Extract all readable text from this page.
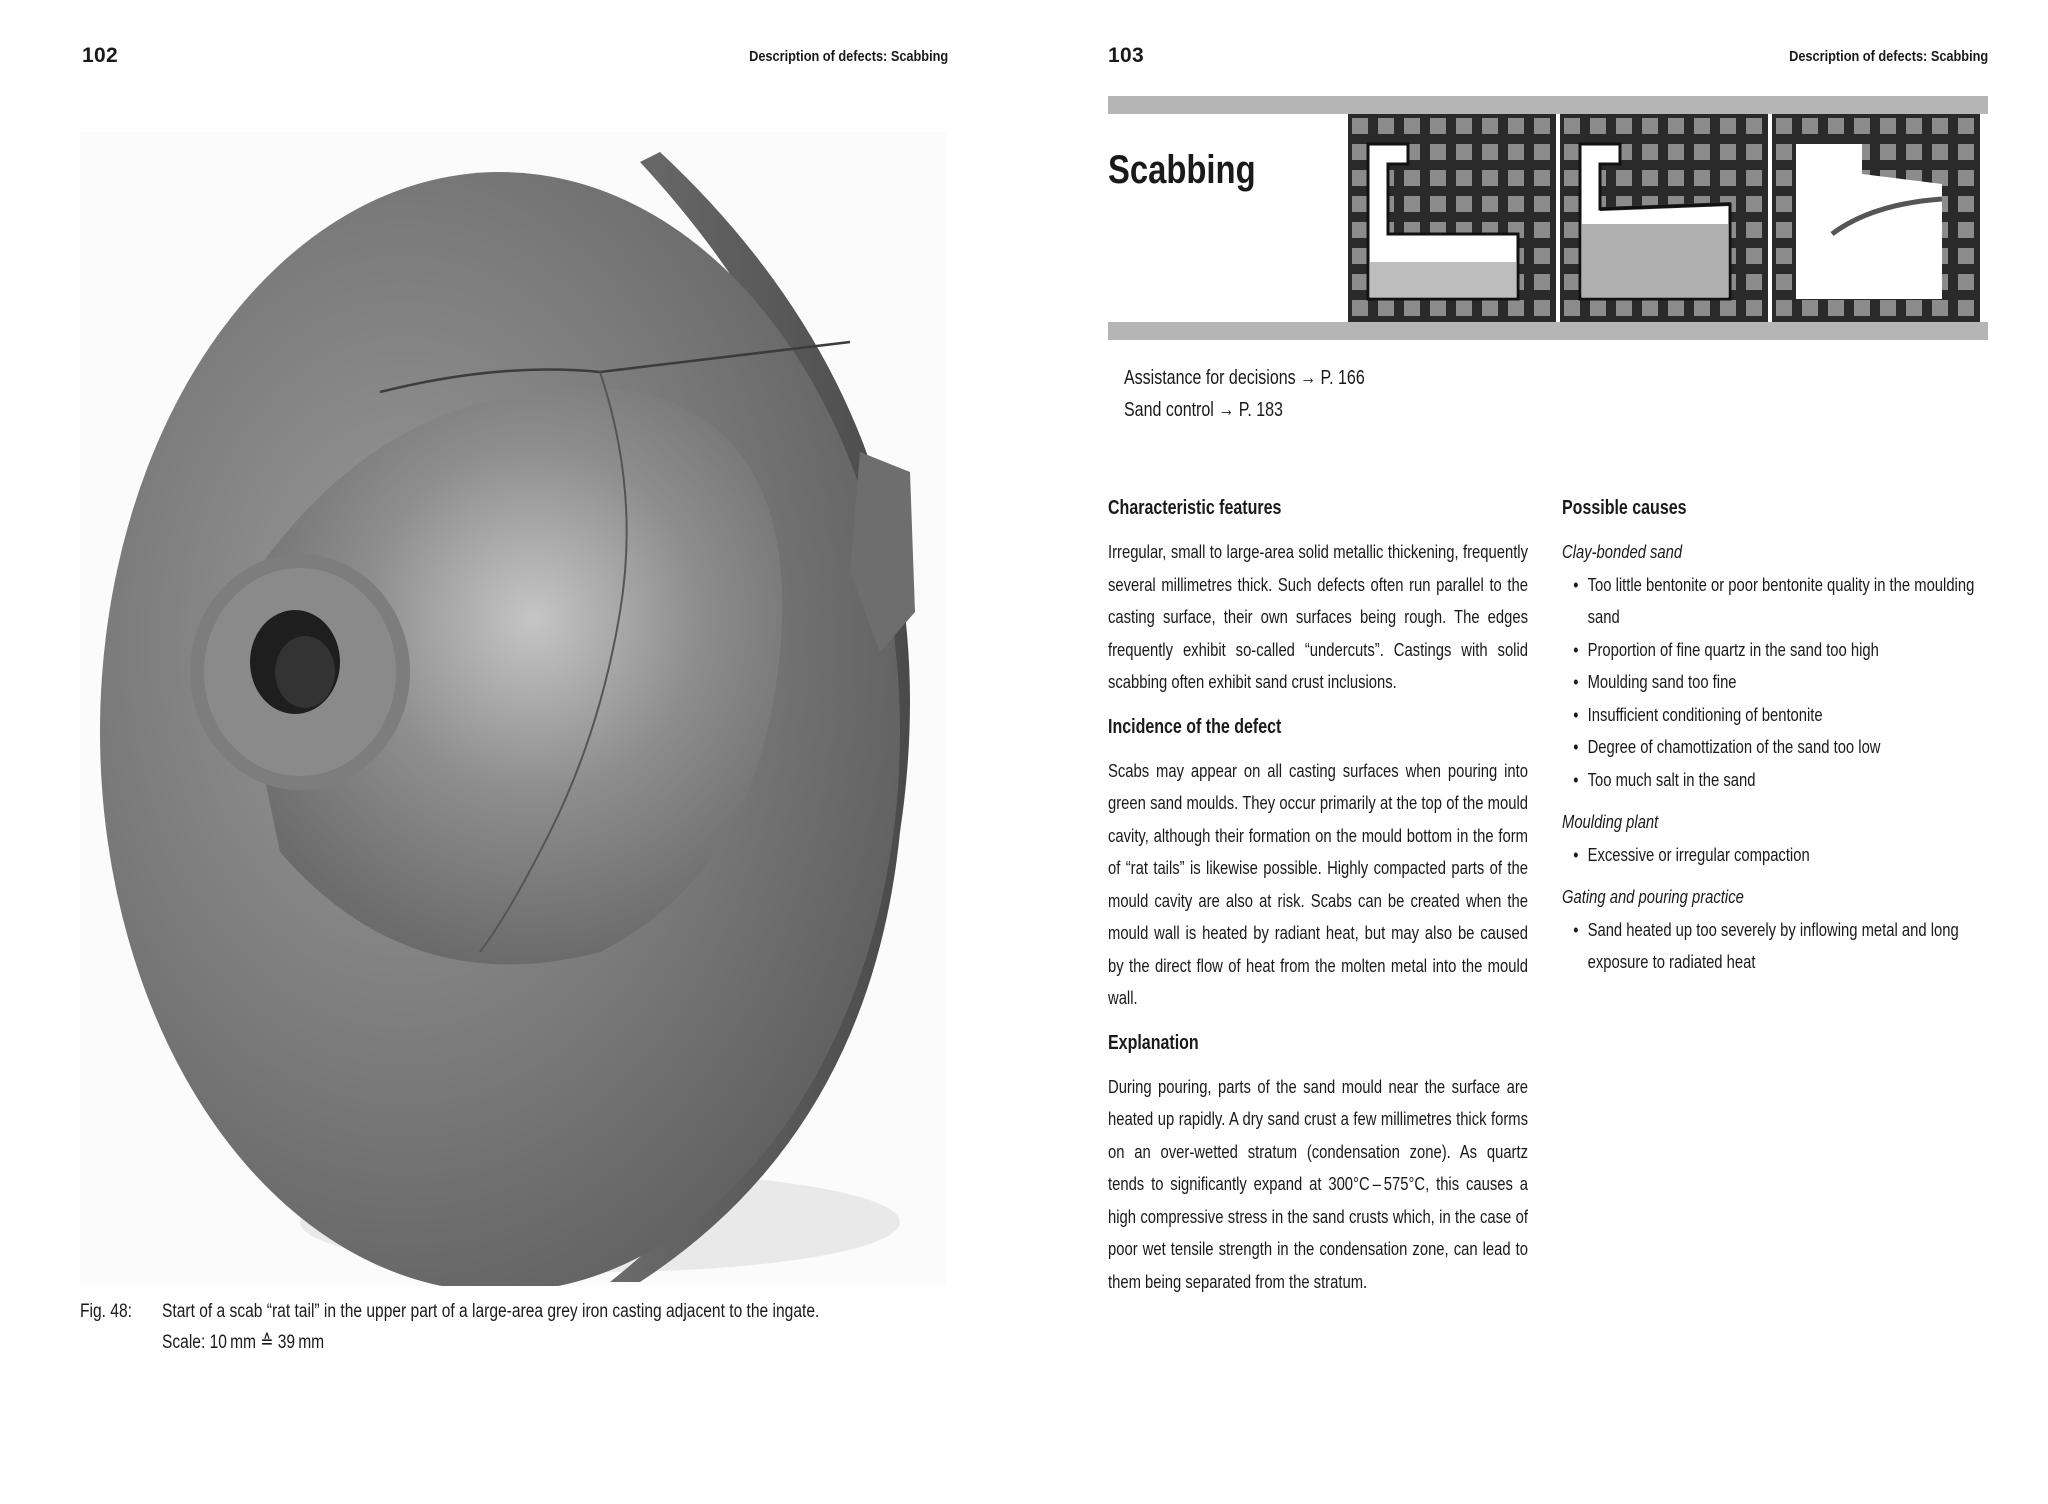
102	Description of defects: Scabbing
Fig. 48: Start of a scab “rat tail” in the upper part of a large-area grey iron casting adjacent to the ingate.
Scale: 10 mm ≙ 39 mm
103	Description of defects: Scabbing
Scabbing
Assistance for decisions → P. 166
Sand control → P. 183
Characteristic features

Irregular, small to large-area solid metallic thickening, frequently several millimetres thick. Such defects often run parallel to the casting surface, their own surfaces being rough. The edges frequently exhibit so-called “undercuts”. Castings with solid scabbing often exhibit sand crust inclusions.

Incidence of the defect

Scabs may appear on all casting surfaces when pouring into green sand moulds. They occur primarily at the top of the mould cavity, although their formation on the mould bottom in the form of “rat tails” is likewise possible. Highly compacted parts of the mould cavity are also at risk. Scabs can be created when the mould wall is heated by radiant heat, but may also be caused by the direct flow of heat from the molten metal into the mould wall.

Explanation

During pouring, parts of the sand mould near the surface are heated up rapidly. A dry sand crust a few millimetres thick forms on an over-wetted stratum (condensation zone). As quartz tends to significantly expand at 300°C – 575°C, this causes a high compressive stress in the sand crusts which, in the case of poor wet tensile strength in the condensation zone, can lead to them being separated from the stratum.

Possible causes
Clay-bonded sand
• Too little bentonite or poor bentonite quality in the moulding sand
• Proportion of fine quartz in the sand too high
• Moulding sand too fine
• Insufficient conditioning of bentonite
• Degree of chamottization of the sand too low
• Too much salt in the sand
Moulding plant
• Excessive or irregular compaction
Gating and pouring practice
• Sand heated up too severely by inflowing metal and long exposure to radiated heat
